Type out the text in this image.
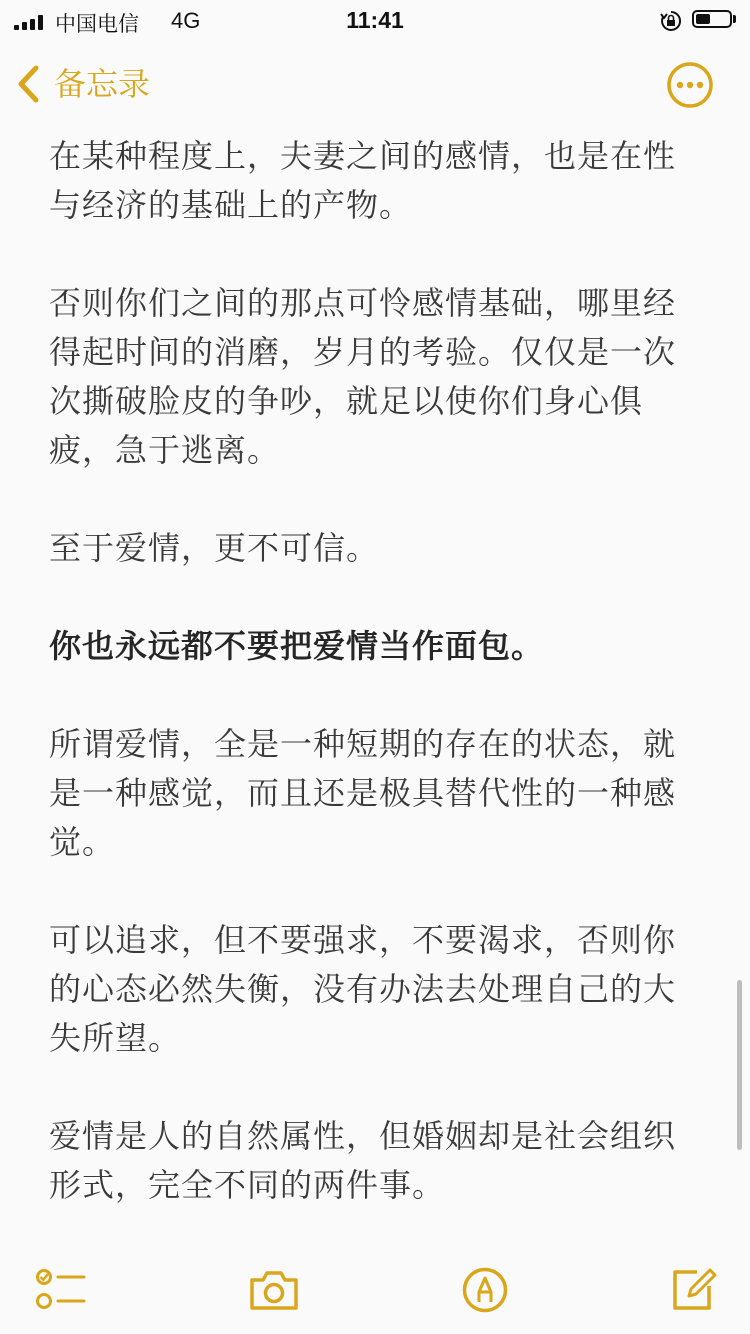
中国电信 4G	11:41
备忘录

在某种程度上，夫妻之间的感情，也是在性与经济的基础上的产物。

否则你们之间的那点可怜感情基础，哪里经得起时间的消磨，岁月的考验。仅仅是一次次撕破脸皮的争吵，就足以使你们身心俱疲，急于逃离。

至于爱情，更不可信。

你也永远都不要把爱情当作面包。

所谓爱情，全是一种短期的存在的状态，就是一种感觉，而且还是极具替代性的一种感觉。

可以追求，但不要强求，不要渴求，否则你的心态必然失衡，没有办法去处理自己的大失所望。

爱情是人的自然属性，但婚姻却是社会组织形式，完全不同的两件事。
